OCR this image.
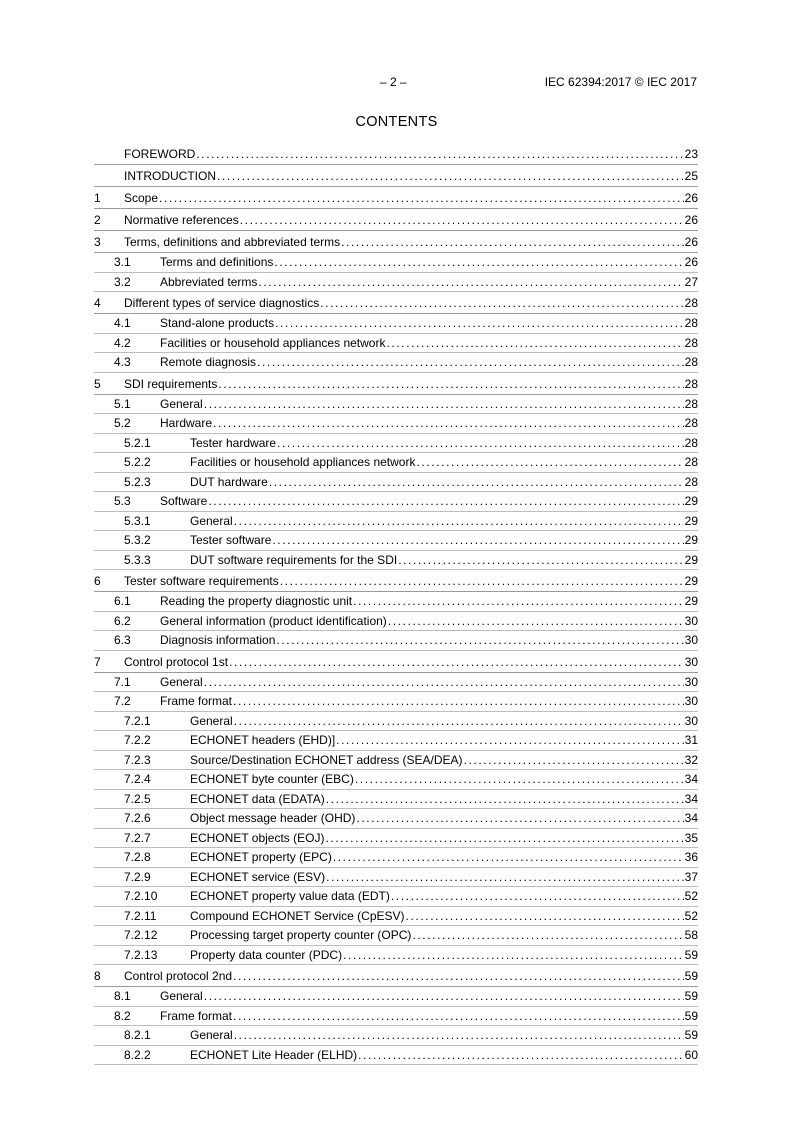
– 2 –	IEC 62394:2017 © IEC 2017
CONTENTS
FOREWORD .....	23
INTRODUCTION .....	25
1	Scope .....	26
2	Normative references .....	26
3	Terms, definitions and abbreviated terms .....	26
3.1	Terms and definitions .....	26
3.2	Abbreviated terms .....	27
4	Different types of service diagnostics .....	28
4.1	Stand-alone products .....	28
4.2	Facilities or household appliances network .....	28
4.3	Remote diagnosis .....	28
5	SDI requirements .....	28
5.1	General .....	28
5.2	Hardware .....	28
5.2.1	Tester hardware .....	28
5.2.2	Facilities or household appliances network .....	28
5.2.3	DUT hardware .....	28
5.3	Software .....	29
5.3.1	General .....	29
5.3.2	Tester software .....	29
5.3.3	DUT software requirements for the SDI .....	29
6	Tester software requirements .....	29
6.1	Reading the property diagnostic unit .....	29
6.2	General information (product identification) .....	30
6.3	Diagnosis information .....	30
7	Control protocol 1st .....	30
7.1	General .....	30
7.2	Frame format .....	30
7.2.1	General .....	30
7.2.2	ECHONET headers (EHD)] .....	31
7.2.3	Source/Destination ECHONET address (SEA/DEA) .....	32
7.2.4	ECHONET byte counter (EBC) .....	34
7.2.5	ECHONET data (EDATA) .....	34
7.2.6	Object message header (OHD) .....	34
7.2.7	ECHONET objects (EOJ) .....	35
7.2.8	ECHONET property (EPC) .....	36
7.2.9	ECHONET service (ESV) .....	37
7.2.10	ECHONET property value data (EDT) .....	52
7.2.11	Compound ECHONET Service (CpESV) .....	52
7.2.12	Processing target property counter (OPC) .....	58
7.2.13	Property data counter (PDC) .....	59
8	Control protocol 2nd .....	59
8.1	General .....	59
8.2	Frame format .....	59
8.2.1	General .....	59
8.2.2	ECHONET Lite Header (ELHD) .....	60
